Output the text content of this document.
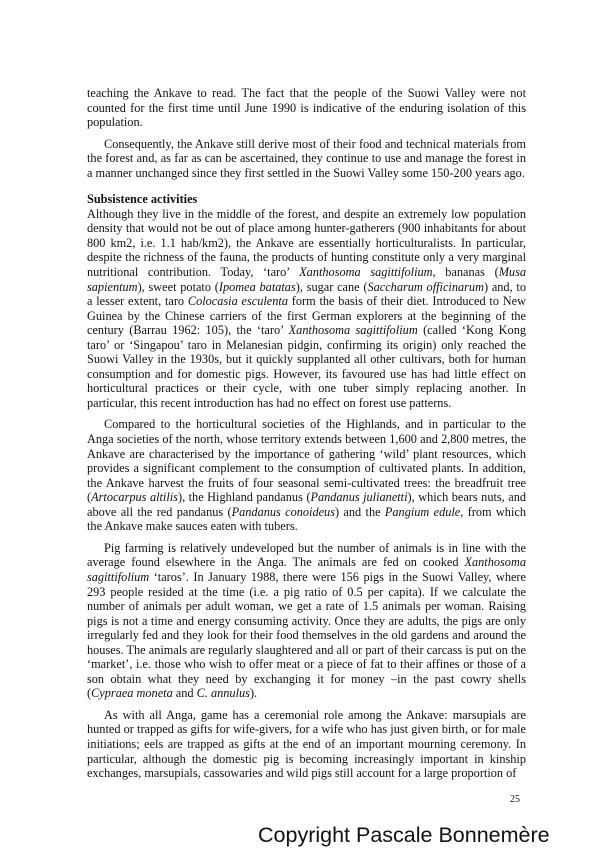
teaching the Ankave to read. The fact that the people of the Suowi Valley were not counted for the first time until June 1990 is indicative of the enduring isolation of this population.

Consequently, the Ankave still derive most of their food and technical materials from the forest and, as far as can be ascertained, they continue to use and manage the forest in a manner unchanged since they first settled in the Suowi Valley some 150-200 years ago.

Subsistence activities

Although they live in the middle of the forest, and despite an extremely low population density that would not be out of place among hunter-gatherers (900 inhabitants for about 800 km2, i.e. 1.1 hab/km2), the Ankave are essentially horticulturalists. In particular, despite the richness of the fauna, the products of hunting constitute only a very marginal nutritional contribution. Today, ‘taro’ Xanthosoma sagittifolium, bananas (Musa sapientum), sweet potato (Ipomea batatas), sugar cane (Saccharum officinarum) and, to a lesser extent, taro Colocasia esculenta form the basis of their diet. Introduced to New Guinea by the Chinese carriers of the first German explorers at the beginning of the century (Barrau 1962: 105), the ‘taro’ Xanthosoma sagittifolium (called ‘Kong Kong taro’ or ‘Singapou’ taro in Melanesian pidgin, confirming its origin) only reached the Suowi Valley in the 1930s, but it quickly supplanted all other cultivars, both for human consumption and for domestic pigs. However, its favoured use has had little effect on horticultural practices or their cycle, with one tuber simply replacing another. In particular, this recent introduction has had no effect on forest use patterns.

Compared to the horticultural societies of the Highlands, and in particular to the Anga societies of the north, whose territory extends between 1,600 and 2,800 metres, the Ankave are characterised by the importance of gathering ‘wild’ plant resources, which provides a significant complement to the consumption of cultivated plants. In addition, the Ankave harvest the fruits of four seasonal semi-cultivated trees: the breadfruit tree (Artocarpus altilis), the Highland pandanus (Pandanus julianetti), which bears nuts, and above all the red pandanus (Pandanus conoideus) and the Pangium edule, from which the Ankave make sauces eaten with tubers.

Pig farming is relatively undeveloped but the number of animals is in line with the average found elsewhere in the Anga. The animals are fed on cooked Xanthosoma sagittifolium ‘taros’. In January 1988, there were 156 pigs in the Suowi Valley, where 293 people resided at the time (i.e. a pig ratio of 0.5 per capita). If we calculate the number of animals per adult woman, we get a rate of 1.5 animals per woman. Raising pigs is not a time and energy consuming activity. Once they are adults, the pigs are only irregularly fed and they look for their food themselves in the old gardens and around the houses. The animals are regularly slaughtered and all or part of their carcass is put on the ‘market’, i.e. those who wish to offer meat or a piece of fat to their affines or those of a son obtain what they need by exchanging it for money –in the past cowry shells (Cypraea moneta and C. annulus).

As with all Anga, game has a ceremonial role among the Ankave: marsupials are hunted or trapped as gifts for wife-givers, for a wife who has just given birth, or for male initiations; eels are trapped as gifts at the end of an important mourning ceremony. In particular, although the domestic pig is becoming increasingly important in kinship exchanges, marsupials, cassowaries and wild pigs still account for a large proportion of

25
Copyright Pascale Bonnemère
